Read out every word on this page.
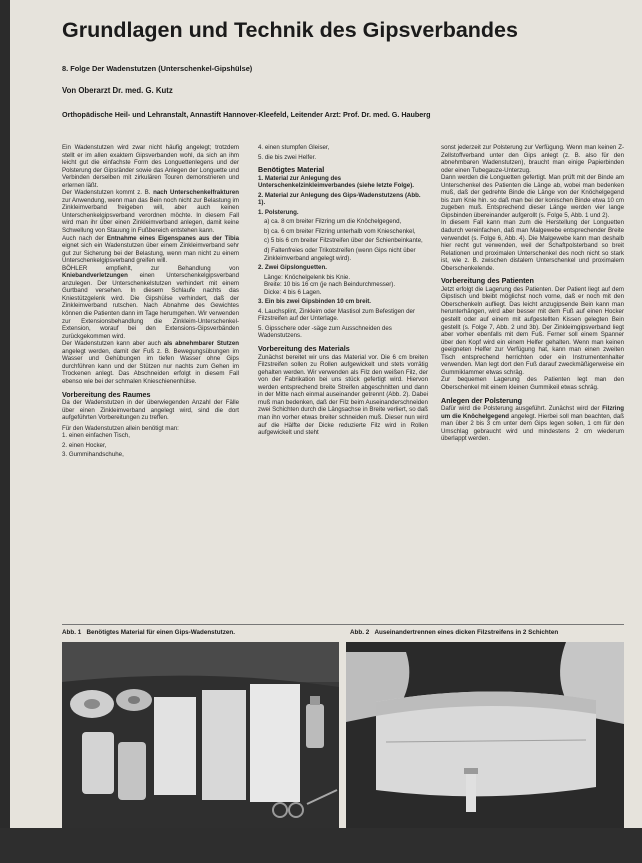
Grundlagen und Technik des Gipsverbandes
8. Folge Der Wadenstutzen (Unterschenkel-Gipshülse)
Von Oberarzt Dr. med. G. Kutz
Orthopädische Heil- und Lehranstalt, Annastift Hannover-Kleefeld, Leitender Arzt: Prof. Dr. med. G. Hauberg

Ein Wadenstutzen wird zwar nicht häufig angelegt; trotzdem stellt er im allen exaktem Gipsverbanden wohl, da sich an ihm leicht gut die einfachste Form des Longuettenlegens und der Polsterung der Gipsränder sowie das Anlegen der Longuette und Verbinden derselben mit zirkulären Touren demonstrieren und erlernen läßt.

Der Wadenstutzen kommt z. B. nach Unterschenkelfrakturen zur Anwendung, wenn man das Bein noch nicht zur Belastung im Zinkleimverband freigeben will, aber auch keinen Unterschenkelgipsverband verordnen möchte. In diesem Fall wird man ihr über einen Zinkleimverband anlegen, damit keine Schwellung von Stauung in Fußbereich entstehen kann.

Auch nach der Entnahme eines Eigenspanes aus der Tibia eignet sich ein Wadenstutzen über einem Zinkleimverband sehr gut zur Sicherung bei der Belastung, wenn man nicht zu einem Unterschenkelgipsverband greifen will.

BÖHLER empfiehlt, zur Behandlung von Kniebandverletzungen einen Unterschenkelgipsverband anzulegen. Der Unterschenkelstutzen verhindert mit einem Gurtband versehen. In diesem Schlaufe nachts das Kniestützgelenk wird. Die Gipshülse verhindert, daß der Zinkleimverband rutschen. Nach Abnahme des Gewichtes können die Patienten dann im Tage herumgehen. Wir verwenden zur Extensionsbehandlung die Zinkleim-Unterschenkel-Extension, worauf bei den Extensions-Gipsverbänden zurückgekommen wird.

Der Wadenstutzen kann aber auch als abnehmbarer Stutzen angelegt werden, damit der Fuß z. B. Bewegungsübungen im Wasser und Gehübungen im tiefen Wasser ohne Gips durchführen kann und der Stützen nur nachts zum Gehen im Trockenen anlegt. Das Abschneiden erfolgt in diesem Fall ebenso wie bei der schmalen Knieschienenhülse.

Vorbereitung des Raumes

Da der Wadenstutzen in der überwiegenden Anzahl der Fälle über einen Zinkleimverband angelegt wird, sind die dort aufgeführten Vorbereitungen zu treffen.

Für den Wadenstutzen allein benötigt man:

1. einen einfachen Tisch,
2. einen Hocker,
3. Gummihandschuhe,
4. einen stumpfen Gleiser,
5. die bis zwei Helfer.
Benötigtes Material
1. Material zur Anlegung des Unterschenkelzinkleimverbandes (siehe letzte Folge).
2. Material zur Anlegung des Gips-Wadenstutzens (Abb. 1).
1. Polsterung.
a) ca. 8 cm breiter Filzring um die Knöchelgegend,
b) ca. 6 cm breiter Filzring unterhalb vom Knieschenkel,
c) 5 bis 6 cm breiter Filzstreifen über der Schienbeinkante,
d) Faltenfreies oder Trikotstreifen (wenn Gips nicht über Zinkleimverband angelegt wird).
2. Zwei Gipslonguetten.
Länge: Knöchelgelenk bis Knie.
Breite: 10 bis 16 cm (je nach Beindurchmesser).
Dicke: 4 bis 6 Lagen.
3. Ein bis zwei Gipsbinden 10 cm breit.
4. Lauchsplint, Zinkleim oder Mastisol zum Befestigen der Filzstreifen auf der Unterlage.
5. Gipsschere oder -säge zum Ausschneiden des Wadenstutzens.
Vorbereitung des Materials

Zunächst bereitet wir uns das Material vor. Die 6 cm breiten Filzstreifen sollen zu Rollen aufgewickelt und stets vorrätig gehalten werden. Wir verwenden als Filz den weißen Filz, der von der Fabrikation bei uns stück gefertigt wird. Hiervon werden entsprechend breite Streifen abgeschnitten und dann in der Mitte nach einmal auseinander getrennt (Abb. 2). Dabei muß man bedenken, daß der Filz beim Auseinanderschneiden zwei Schichten durch die Längsachse in Breite verliert, so daß man ihn vorher etwas breiter schneiden muß. Dieser nun wird auf die Hälfte der Dicke reduzierte Filz wird in Rollen aufgewickelt und steht

sonst jederzeit zur Polsterung zur Verfügung. Wenn man keinen Z-Zellstoffverband unter den Gips anlegt (z. B. also für den abnehmbaren Wadenstutzen), braucht man einige Papierbinden oder einen Tubegauze-Unterzug.

Dann werden die Longuetten gefertigt. Man prüft mit der Binde am Unterschenkel des Patienten die Länge ab, wobei man bedenken muß, daß der gedrehte Binde die Länge von der Knöchelgegend bis zum Knie hin. so daß man bei der konischen Binde etwa 10 cm zugeben muß. Entsprechend dieser Länge werden vier lange Gipsbinden übereinander aufgerollt (s. Folge 5, Abb. 1 und 2).

In diesem Fall kann man zum die Herstellung der Longuetten dadurch vereinfachen, daß man Malgewebe entsprechender Breite verwendet (s. Folge 6, Abb. 4). Die Malgewebe kann man deshalb hier recht gut verwenden, weil der Schaftpolsterband so breit Relationen und proximalen Unterschenkel des noch nicht so stark ist, wie z. B. zwischen distalem Unterschenkel und proximalem Oberschenkelende.

Vorbereitung des Patienten

Jetzt erfolgt die Lagerung des Patienten. Der Patient liegt auf dem Gipstisch und bleibt möglichst noch vorne, daß er noch mit den Oberschenkeln aufliegt. Das leicht anzugipsende Bein kann man herunterhängen, wird aber besser mit dem Fuß auf einen Hocker gestellt oder auf einem mit aufgestellten Kissen gelegten Bein gestellt (s. Folge 7, Abb. 2 und 3b). Der Zinkleimgipsverband liegt aber vorher ebenfalls mit dem Fuß. Ferner soll einem Spanner über den Kopf wird ein einem Helfer gehalten. Wenn man keinen geeigneten Helfer zur Verfügung hat, kann man einen zweiten Tisch entsprechend herrichten oder ein Instrumentenhalter verwenden. Man legt dort den Fuß darauf zweckmäßigerweise ein Gummiklammer etwas schräg.

Zur bequemen Lagerung des Patienten legt man den Oberschenkel mit einem kleinen Gummikeil etwas schräg.

Anlegen der Polsterung

Dafür wird die Polsterung ausgeführt. Zunächst wird der Filzring um die Knöchelgegend angelegt. Hierbei soll man beachten, daß man über 2 bis 3 cm unter dem Gips legen sollen, 1 cm für den Umschlag gebraucht wird und mindestens 2 cm wiederum überlappt werden.

Abb. 1 Benötigtes Material für einen Gips-Wadenstutzen.	Abb. 2 Auseinandertrennen eines dicken Filzstreifens in 2 Schichten
